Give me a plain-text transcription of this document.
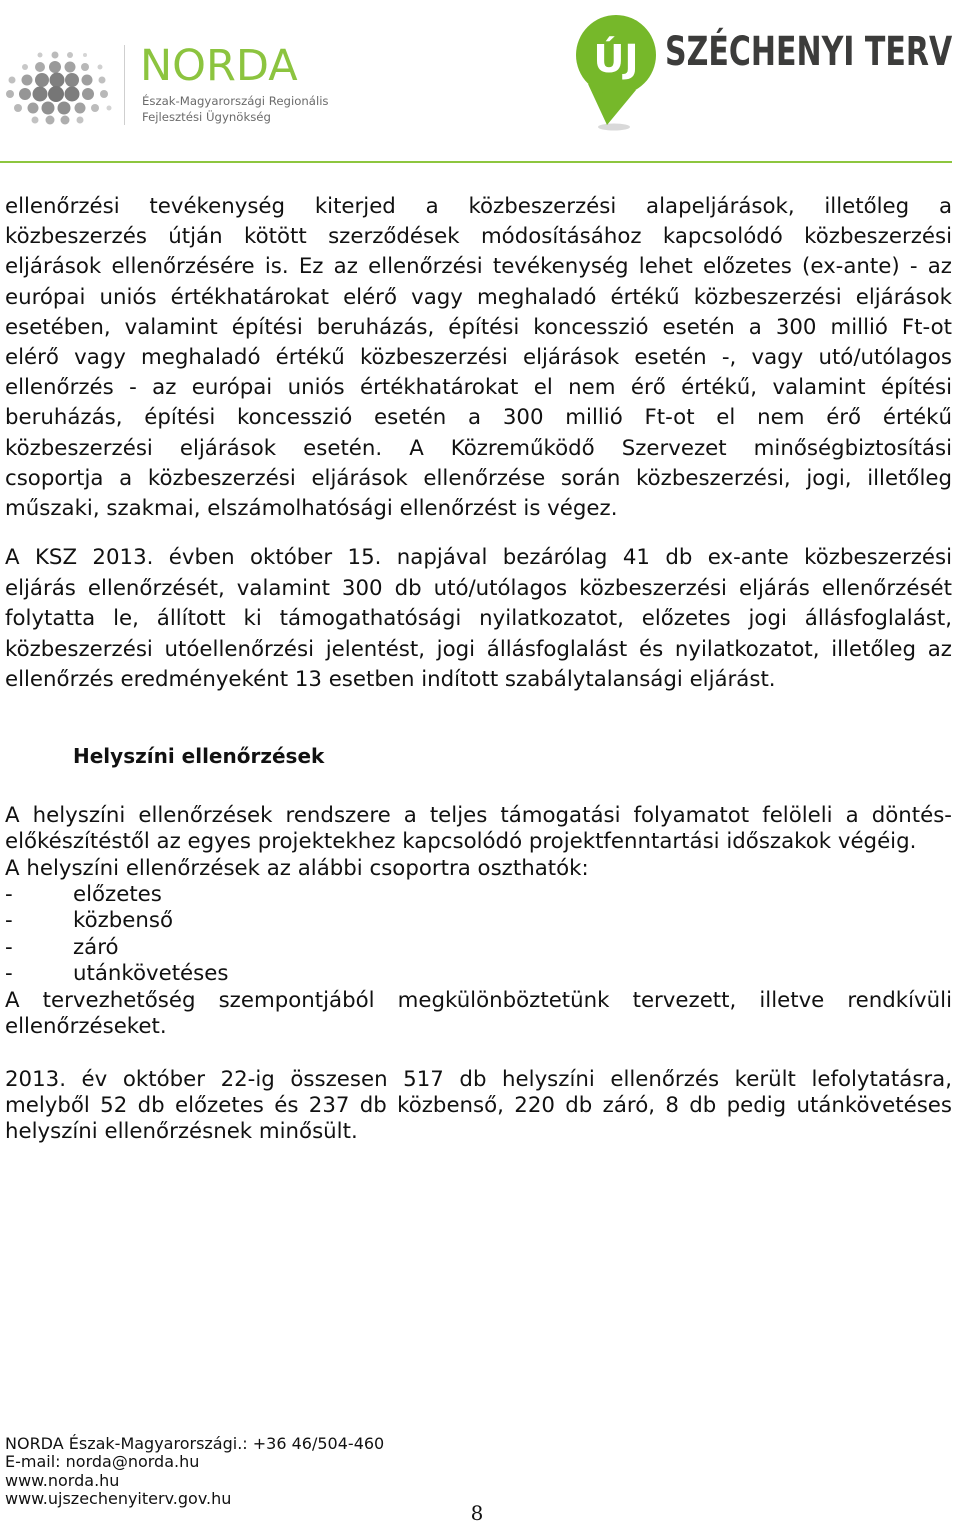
NORDA
Észak-Magyarországi Regionális
Fejlesztési Ügynökség
ÚJ SZÉCHENYI TERV
ellenőrzési tevékenység kiterjed a közbeszerzési alapeljárások, illetőleg a
közbeszerzés útján kötött szerződések módosításához kapcsolódó közbeszerzési
eljárások ellenőrzésére is. Ez az ellenőrzési tevékenység lehet előzetes (ex-ante) - az
európai uniós értékhatárokat elérő vagy meghaladó értékű közbeszerzési eljárások
esetében, valamint építési beruházás, építési koncesszió esetén a 300 millió Ft-ot
elérő vagy meghaladó értékű közbeszerzési eljárások esetén -, vagy utó/utólagos
ellenőrzés - az európai uniós értékhatárokat el nem érő értékű, valamint építési
beruházás, építési koncesszió esetén a 300 millió Ft-ot el nem érő értékű
közbeszerzési eljárások esetén. A Közreműködő Szervezet minőségbiztosítási
csoportja a közbeszerzési eljárások ellenőrzése során közbeszerzési, jogi, illetőleg
műszaki, szakmai, elszámolhatósági ellenőrzést is végez.
A KSZ 2013. évben október 15. napjával bezárólag 41 db ex-ante közbeszerzési
eljárás ellenőrzését, valamint 300 db utó/utólagos közbeszerzési eljárás ellenőrzését
folytatta le, állított ki támogathatósági nyilatkozatot, előzetes jogi állásfoglalást,
közbeszerzési utóellenőrzési jelentést, jogi állásfoglalást és nyilatkozatot, illetőleg az
ellenőrzés eredményeként 13 esetben indított szabálytalansági eljárást.
Helyszíni ellenőrzések
A helyszíni ellenőrzések rendszere a teljes támogatási folyamatot felöleli a döntés-
előkészítéstől az egyes projektekhez kapcsolódó projektfenntartási időszakok végéig.
A helyszíni ellenőrzések az alábbi csoportra oszthatók:
-	előzetes
-	közbenső
-	záró
-	utánkövetéses
A tervezhetőség szempontjából megkülönböztetünk tervezett, illetve rendkívüli
ellenőrzéseket.
2013. év október 22-ig összesen 517 db helyszíni ellenőrzés került lefolytatásra,
melyből 52 db előzetes és 237 db közbenső, 220 db záró, 8 db pedig utánkövetéses
helyszíni ellenőrzésnek minősült.
NORDA Észak-Magyarországi.: +36 46/504-460
E-mail: norda@norda.hu
www.norda.hu
www.ujszechenyiterv.gov.hu
8
